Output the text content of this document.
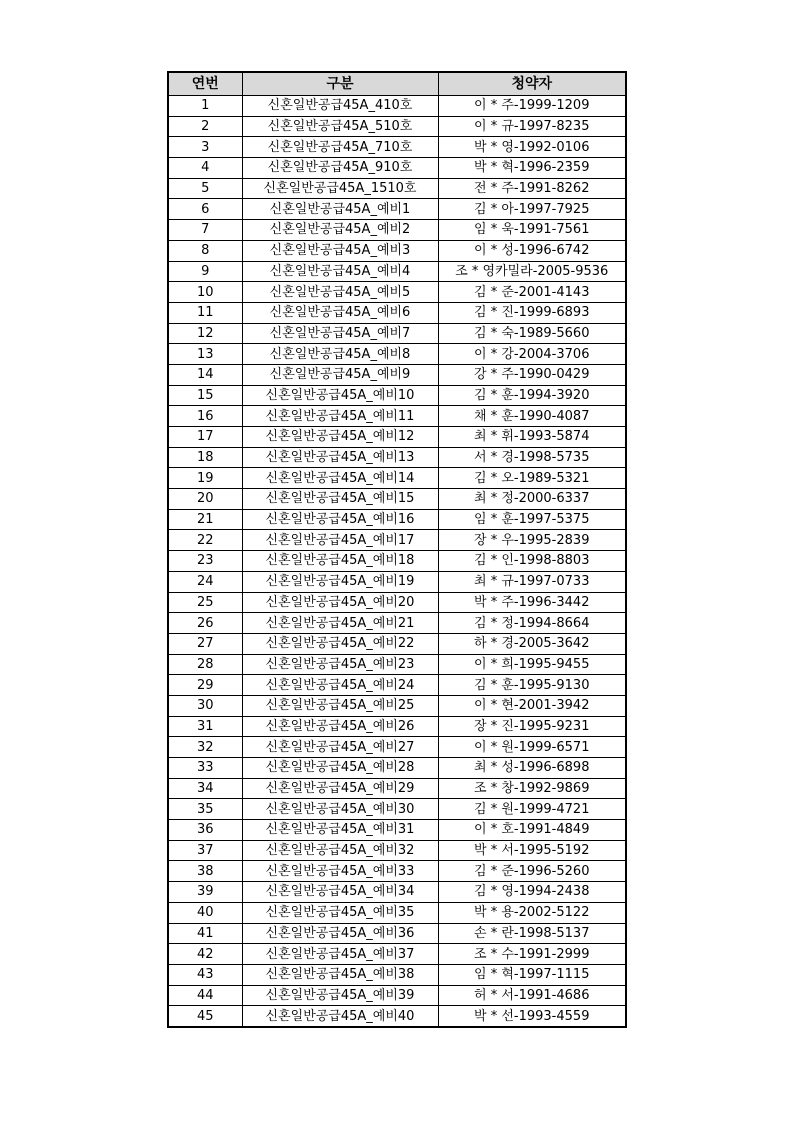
연번	구분	청약자
1	신혼일반공급45A_410호	이 * 주-1999-1209
2	신혼일반공급45A_510호	이 * 규-1997-8235
3	신혼일반공급45A_710호	박 * 영-1992-0106
4	신혼일반공급45A_910호	박 * 혁-1996-2359
5	신혼일반공급45A_1510호	전 * 주-1991-8262
6	신혼일반공급45A_예비1	김 * 아-1997-7925
7	신혼일반공급45A_예비2	임 * 욱-1991-7561
8	신혼일반공급45A_예비3	이 * 성-1996-6742
9	신혼일반공급45A_예비4	조 * 영카밀라-2005-9536
10	신혼일반공급45A_예비5	김 * 준-2001-4143
11	신혼일반공급45A_예비6	김 * 진-1999-6893
12	신혼일반공급45A_예비7	김 * 숙-1989-5660
13	신혼일반공급45A_예비8	이 * 강-2004-3706
14	신혼일반공급45A_예비9	강 * 주-1990-0429
15	신혼일반공급45A_예비10	김 * 훈-1994-3920
16	신혼일반공급45A_예비11	채 * 훈-1990-4087
17	신혼일반공급45A_예비12	최 * 휘-1993-5874
18	신혼일반공급45A_예비13	서 * 경-1998-5735
19	신혼일반공급45A_예비14	김 * 오-1989-5321
20	신혼일반공급45A_예비15	최 * 정-2000-6337
21	신혼일반공급45A_예비16	임 * 훈-1997-5375
22	신혼일반공급45A_예비17	장 * 우-1995-2839
23	신혼일반공급45A_예비18	김 * 인-1998-8803
24	신혼일반공급45A_예비19	최 * 규-1997-0733
25	신혼일반공급45A_예비20	박 * 주-1996-3442
26	신혼일반공급45A_예비21	김 * 정-1994-8664
27	신혼일반공급45A_예비22	하 * 경-2005-3642
28	신혼일반공급45A_예비23	이 * 희-1995-9455
29	신혼일반공급45A_예비24	김 * 훈-1995-9130
30	신혼일반공급45A_예비25	이 * 현-2001-3942
31	신혼일반공급45A_예비26	장 * 진-1995-9231
32	신혼일반공급45A_예비27	이 * 원-1999-6571
33	신혼일반공급45A_예비28	최 * 성-1996-6898
34	신혼일반공급45A_예비29	조 * 창-1992-9869
35	신혼일반공급45A_예비30	김 * 원-1999-4721
36	신혼일반공급45A_예비31	이 * 호-1991-4849
37	신혼일반공급45A_예비32	박 * 서-1995-5192
38	신혼일반공급45A_예비33	김 * 준-1996-5260
39	신혼일반공급45A_예비34	김 * 영-1994-2438
40	신혼일반공급45A_예비35	박 * 용-2002-5122
41	신혼일반공급45A_예비36	손 * 란-1998-5137
42	신혼일반공급45A_예비37	조 * 수-1991-2999
43	신혼일반공급45A_예비38	임 * 혁-1997-1115
44	신혼일반공급45A_예비39	허 * 서-1991-4686
45	신혼일반공급45A_예비40	박 * 선-1993-4559
